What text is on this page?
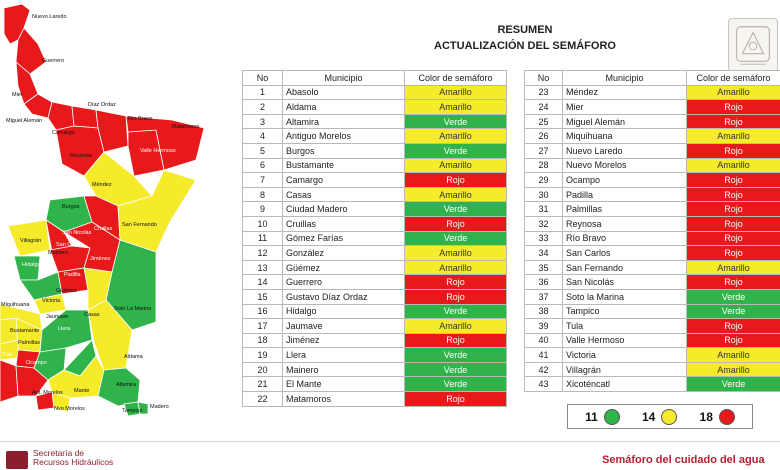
Nuevo Laredo
Guerrero
Mier
Díaz Ordaz
Río Bravo
Matamoros
Miguel Alemán
Camargo
Reynosa
Valle Hermoso
Méndez
Burgos
San Fernando
Cruillas
Villagrán
San Nicolás
San Carlos
Mainero
Jiménez
Hidalgo
Padilla
Güémez
Victoria
Soto La Marina
Miquihuana
Jaumave	Casas
Llera
Bustamante
Palmillas
Aldama
Tula
Ocampo
Mante
Altamira
Ant. Morelos
Nvo Morelos	Tampico
Madero
RESUMEN
ACTUALIZACIÓN DEL SEMÁFORO
No	Municipio	Color de semáforo
1	Abasolo	Amarillo
2	Aldama	Amarillo
3	Altamira	Verde
4	Antiguo Morelos	Amarillo
5	Burgos	Verde
6	Bustamante	Amarillo
7	Camargo	Rojo
8	Casas	Amarillo
9	Ciudad Madero	Verde
10	Cruillas	Rojo
11	Gómez Farías	Verde
12	González	Amarillo
13	Güémez	Amarillo
14	Guerrero	Rojo
15	Gustavo Díaz Ordaz	Rojo
16	Hidalgo	Verde
17	Jaumave	Amarillo
18	Jiménez	Rojo
19	Llera	Verde
20	Mainero	Verde
21	El Mante	Verde
22	Matamoros	Rojo
No	Municipio	Color de semáforo
23	Méndez	Amarillo
24	Mier	Rojo
25	Miguel Alemán	Rojo
26	Miquihuana	Amarillo
27	Nuevo Laredo	Rojo
28	Nuevo Morelos	Amarillo
29	Ocampo	Rojo
30	Padilla	Rojo
31	Palmillas	Rojo
32	Reynosa	Rojo
33	Río Bravo	Rojo
34	San Carlos	Rojo
35	San Fernando	Amarillo
36	San Nicolás	Rojo
37	Soto la Marina	Verde
38	Tampico	Verde
39	Tula	Rojo
40	Valle Hermoso	Rojo
41	Victoria	Amarillo
42	Villagrán	Amarillo
43	Xicoténcatl	Verde
11	14	18
Secretaría de
Recursos Hidráulicos	Semáforo del cuidado del agua
